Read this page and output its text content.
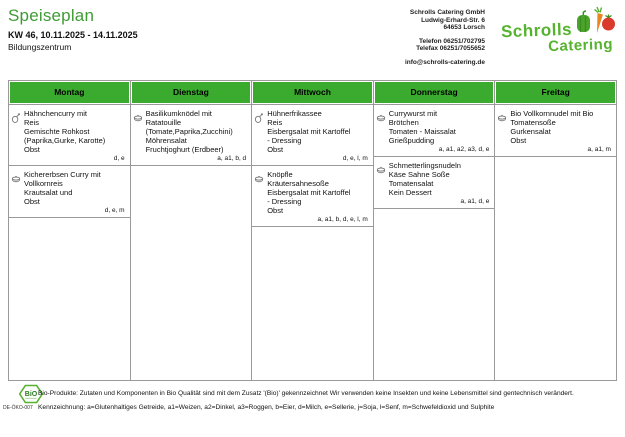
Speiseplan
KW 46, 10.11.2025 - 14.11.2025
Bildungszentrum
Schrolls Catering GmbH
Ludwig-Erhard-Str. 6
64653 Lorsch
Telefon 06251/702795
Telefax 06251/7055652
info@schrolls-catering.de
Schrolls
Catering
Montag
Hähnchencurry mit
Reis
Gemischte Rohkost
(Paprika,Gurke, Karotte)
Obst
d, e
Kichererbsen Curry mit
Vollkornreis
Krautsalat und
Obst
d, e, m
Dienstag
Basilikumknödel mit
Ratatouille
(Tomate,Paprika,Zucchini)
Möhrensalat
Fruchtjoghurt (Erdbeer)
a, a1, b, d
Mittwoch
Hühnerfrikassee
Reis
Eisbergsalat mit Kartoffel
- Dressing
Obst
d, e, l, m
Knöpfle
Kräutersahnesoße
Eisbergsalat mit Kartoffel
- Dressing
Obst
a, a1, b, d, e, l, m
Donnerstag
Currywurst mit
Brötchen
Tomaten - Maissalat
Grießpudding
a, a1, a2, a3, d, e
Schmetterlingsnudeln
Käse Sahne Soße
Tomatensalat
Kein Dessert
a, a1, d, e
Freitag
Bio Vollkornnudel mit Bio
Tomatensoße
Gurkensalat
Obst
a, a1, m
BiO
DE-ÖKO-007
Bio-Produkte: Zutaten und Komponenten in Bio Qualität sind mit dem Zusatz '(Bio)' gekennzeichnet Wir verwenden keine Insekten und keine Lebensmittel sind gentechnisch verändert.
Kennzeichnung: a=Glutenhaltiges Getreide, a1=Weizen, a2=Dinkel, a3=Roggen, b=Eier, d=Milch, e=Sellerie, j=Soja, l=Senf, m=Schwefeldioxid und Sulphite
